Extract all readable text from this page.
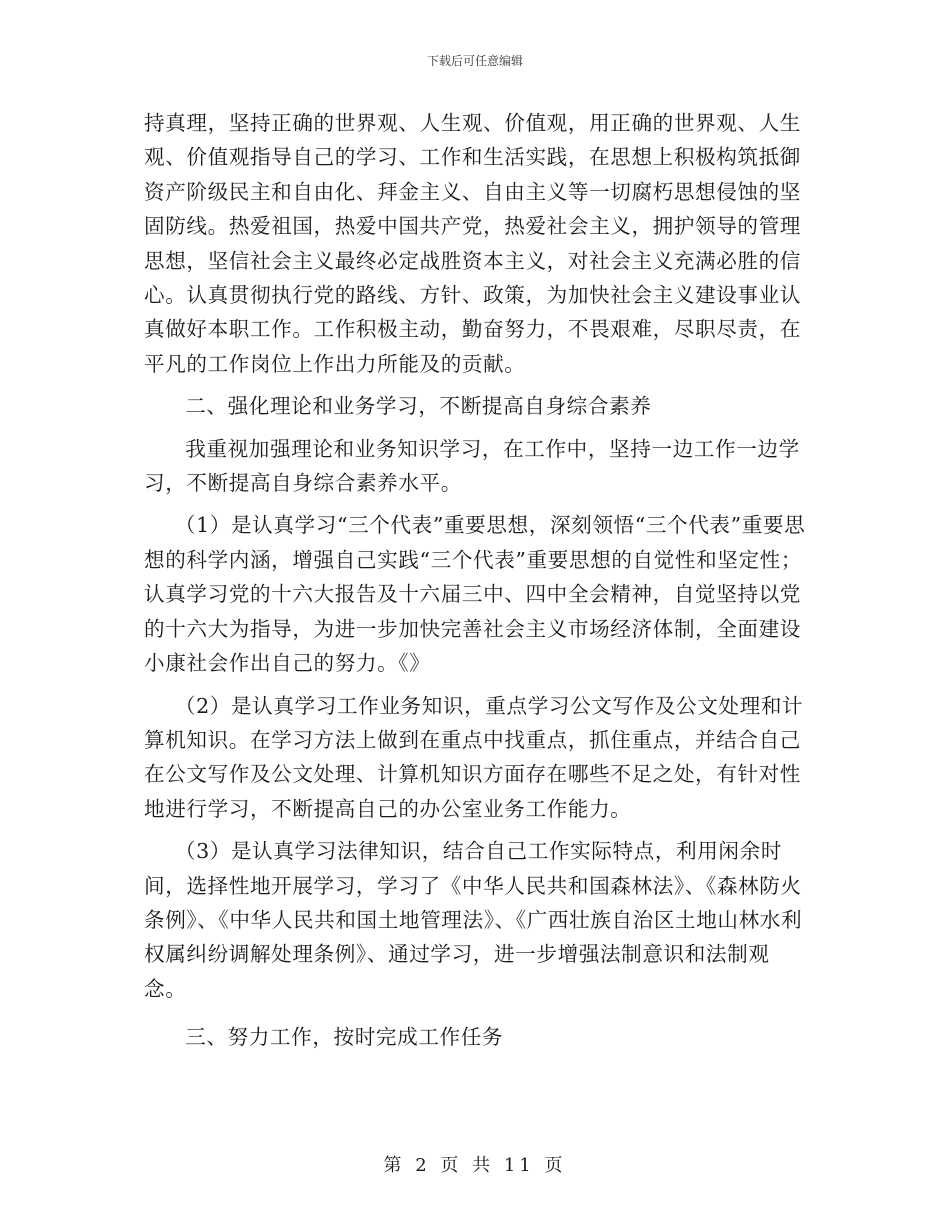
下载后可任意编辑

持真理，坚持正确的世界观、人生观、价值观，用正确的世界观、人生观、价值观指导自己的学习、工作和生活实践，在思想上积极构筑抵御资产阶级民主和自由化、拜金主义、自由主义等一切腐朽思想侵蚀的坚固防线。热爱祖国，热爱中国共产党，热爱社会主义，拥护领导的管理思想，坚信社会主义最终必定战胜资本主义，对社会主义充满必胜的信心。认真贯彻执行党的路线、方针、政策，为加快社会主义建设事业认真做好本职工作。工作积极主动，勤奋努力，不畏艰难，尽职尽责，在平凡的工作岗位上作出力所能及的贡献。

二、强化理论和业务学习，不断提高自身综合素养

我重视加强理论和业务知识学习，在工作中，坚持一边工作一边学习，不断提高自身综合素养水平。

（1）是认真学习“三个代表”重要思想，深刻领悟“三个代表”重要思想的科学内涵，增强自己实践“三个代表”重要思想的自觉性和坚定性；认真学习党的十六大报告及十六届三中、四中全会精神，自觉坚持以党的十六大为指导，为进一步加快完善社会主义市场经济体制，全面建设小康社会作出自己的努力。《》

（2）是认真学习工作业务知识，重点学习公文写作及公文处理和计算机知识。在学习方法上做到在重点中找重点，抓住重点，并结合自己在公文写作及公文处理、计算机知识方面存在哪些不足之处，有针对性地进行学习，不断提高自己的办公室业务工作能力。

（3）是认真学习法律知识，结合自己工作实际特点，利用闲余时间，选择性地开展学习，学习了《中华人民共和国森林法》、《森林防火条例》、《中华人民共和国土地管理法》、《广西壮族自治区土地山林水利权属纠纷调解处理条例》、通过学习，进一步增强法制意识和法制观念。

三、努力工作，按时完成工作任务

第 2 页 共 11 页
